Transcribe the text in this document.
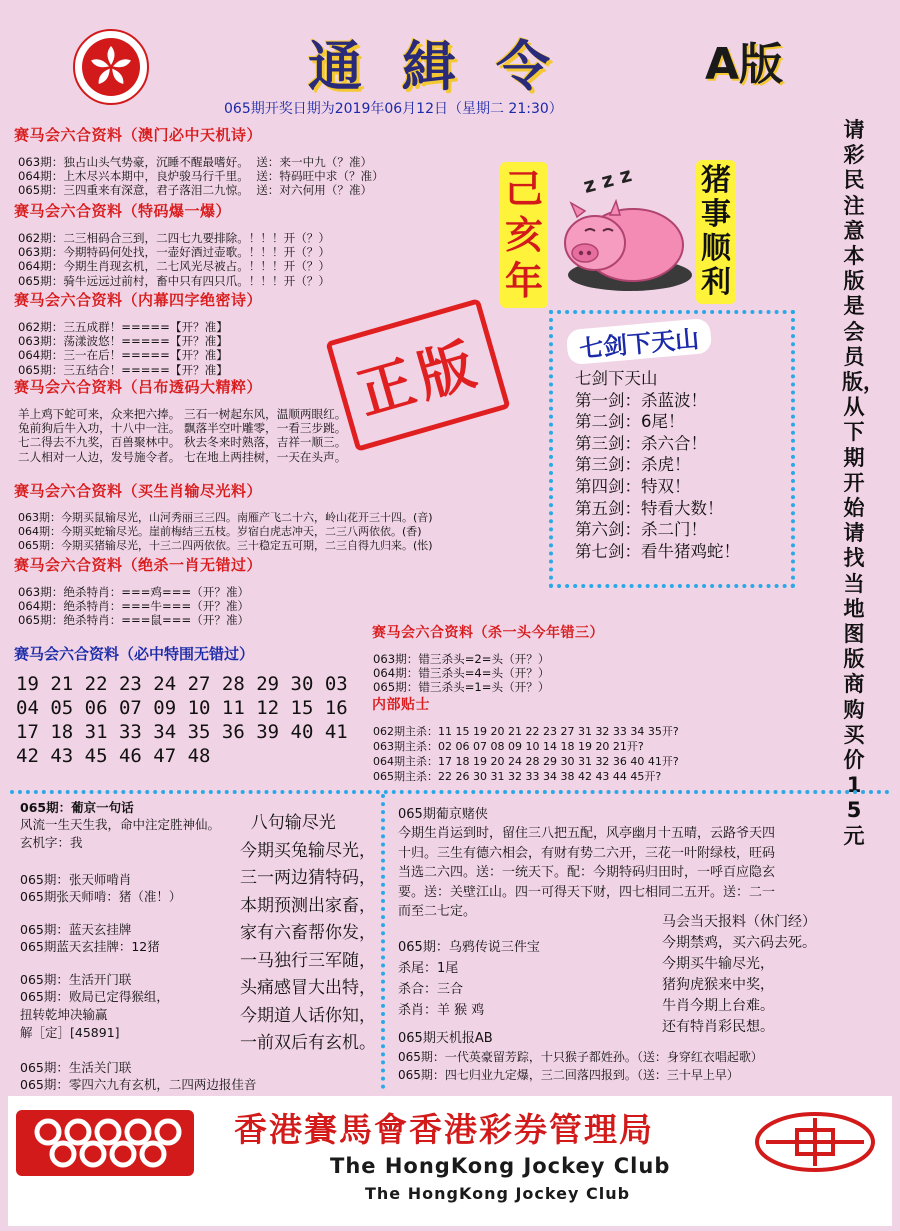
通緝令	A版
065期开奖日期为2019年06月12日（星期二 21:30）
赛马会六合资料（澳门必中天机诗）
063期：独占山头气势豪，沉睡不醒最嗜好。  送：来一中九（？准）
064期：上木尽兴本期中，良炉骏马行千里。  送：特码旺中求（？准）
065期：三四重来有深意，君子落泪二九惊。  送：对六何用（？准）
赛马会六合资料（特码爆一爆）
062期：二三相码合三到，二四七九要排除。！！！开（？）
063期：今期特码何处找，一壶好酒过壶歌。！！！开（？）
064期：今期生肖现玄机，二七风光尽被占。！！！开（？）
065期：骑牛远远过前村，畜中只有四只爪。！！！开（？）
赛马会六合资料（内幕四字绝密诗）
062期：三五成群！=====【开？准】
063期：荡漾波悠！=====【开？准】
064期：三一在后！=====【开？准】
065期：三五结合！=====【开？准】 正版
赛马会六合资料（吕布透码大精粹）
羊上鸡下蛇可来，众来把六捧。 三石一树起东风，温顺两眼红。
兔前狗后牛入功，十八中一注。 飘落半空叶雕零，一看三步跳。
七二得去不九奖，百兽聚林中。 秋去冬来时熟落，吉祥一顺三。
二人相对一人边，发号施令者。 七在地上两挂树，一天在头声。
赛马会六合资料（买生肖输尽光料）
063期：今期买鼠输尽光，山河秀丽三三四。南雁产飞二十六，岭山花开三十四。(音)
064期：今期买蛇输尽光。崖前梅结三五枝。岁宿白虎志冲天，二三八两依依。(香)
065期：今期买猪输尽光，十三二四两依依。三十稳定五可期，二三自得九归来。(怅)
赛马会六合资料（绝杀一肖无错过）
063期：绝杀特肖：===鸡===（开？准）
064期：绝杀特肖：===牛===（开？准）
065期：绝杀特肖：===鼠===（开？准）
赛马会六合资料（必中特围无错过）
19 21 22 23 24 27 28 29 30 03
04 05 06 07 09 10 11 12 15 16
17 18 31 33 34 35 36 39 40 41
42 43 45 46 47 48
己亥年
z z z 猪事顺利
七剑下天山
七剑下天山
第一剑：杀蓝波！
第二剑：6尾！
第三剑：杀六合！
第三剑：杀虎！
第四剑：特双！
第五剑：特看大数！
第六剑：杀二门！
第七剑：看牛猪鸡蛇！
请彩民注意本版是会员版，从下期开始请找当地图版商购买价15元
赛马会六合资料（杀一头今年错三）
063期：错三杀头=2=头（开？）
064期：错三杀头=4=头（开？）
065期：错三杀头=1=头（开？）
内部贴士
062期主杀：11 15 19 20 21 22 23 27 31 32 33 34 35开?
063期主杀：02 06 07 08 09 10 14 18 19 20 21开?
064期主杀：17 18 19 20 24 28 29 30 31 32 36 40 41开?
065期主杀：22 26 30 31 32 33 34 38 42 43 44 45开?
065期：葡京一句话
风流一生天生我，命中注定胜神仙。
玄机字：我
065期：张天师啃肖
065期张天师啃：猪（准！）
065期：蓝天玄挂牌
065期蓝天玄挂牌：12猪
065期：生活开门联
065期：败局已定得猴组，
扭转乾坤决输赢
解［定］[45891]
065期：生活关门联
065期：零四六九有玄机，二四两边报佳音
八句输尽光
今期买兔输尽光，
三一两边猜特码，
本期预测出家畜，
家有六畜帮你发，
一马独行三军随，
头痛感冒大出特，
今期道人话你知，
一前双后有玄机。
065期葡京赌侠
今期生肖运到时，留住三八把五配，风亭幽月十五晴，云路爷天四
十归。三生有德六相会，有财有势二六开，三花一叶附绿枝，旺码
当选二六四。送：一统天下。配：今期特码归田时，一呼百应隐玄
要。送：关壁江山。四一可得天下财，四七相同二五开。送：二一
而至二七定。
065期：乌鸦传说三件宝
杀尾：1尾
杀合：三合
杀肖：羊 猴 鸡
马会当天报料（休门经）
今期禁鸡，买六码去死。
今期买牛输尽光，
猪狗虎猴来中奖，
牛肖今期上台难。
还有特肖彩民想。
065期天机报AB
065期：一代英豪留芳踪，十只猴子都姓孙。（送：身穿红衣唱起歌）
065期：四七归业九定爆，三二回落四报到。（送：三十早上早）
香港賽馬會香港彩券管理局
The HongKong Jockey Club
The HongKong Jockey Club
